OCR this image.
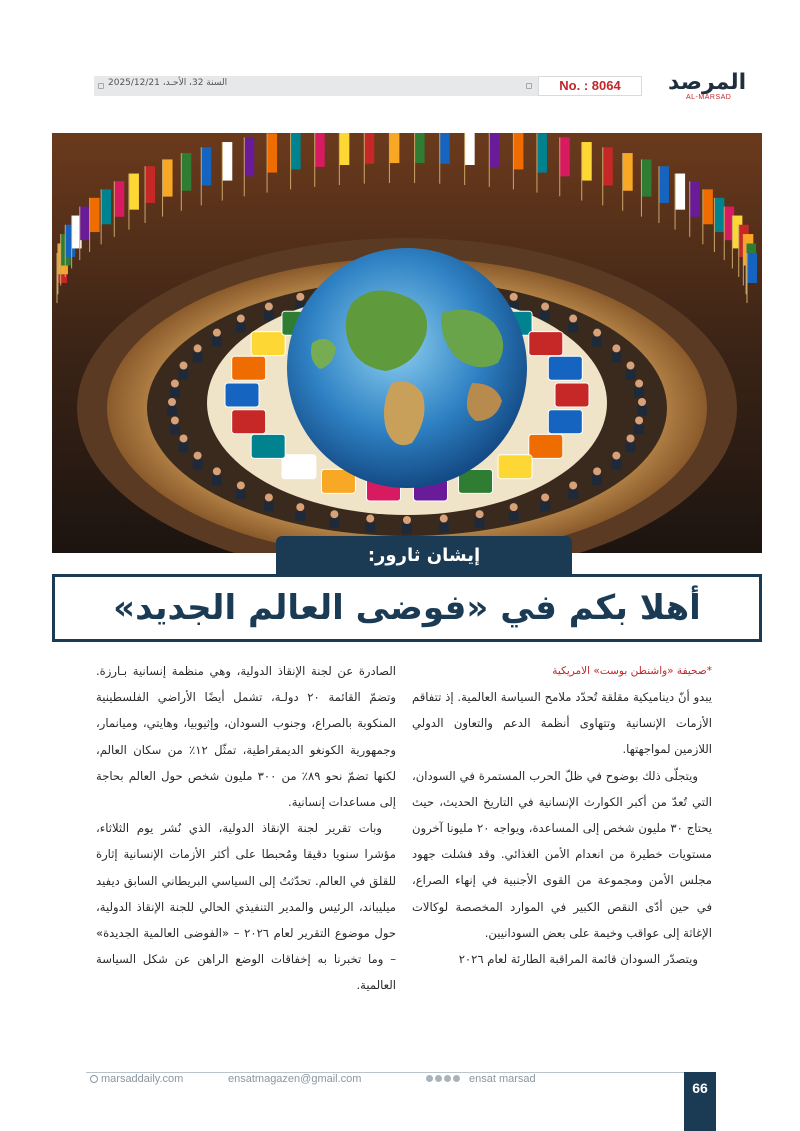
المرصد
AL-MARSAD
السنة 32، الأحـد، 2025/12/21	No. : 8064
إيشان ثارور:
أهلا بكم في «فوضى العالم الجديد»

*صحيفة «واشنطن بوست» الامريكية

يبدو أنّ ديناميكية مقلقة تُحدّد ملامح السياسة العالمية. إذ تتفاقم الأزمات الإنسانية وتتهاوى أنظمة الدعم والتعاون الدولي اللازمين لمواجهتها.

ويتجلّى ذلك بوضوح في ظلّ الحرب المستمرة في السودان، التي تُعدّ من أكبر الكوارث الإنسانية في التاريخ الحديث، حيث يحتاج ٣٠ مليون شخص إلى المساعدة، ويواجه ٢٠ مليونا آخرون مستويات خطيرة من انعدام الأمن الغذائي. وقد فشلت جهود مجلس الأمن ومجموعة من القوى الأجنبية في إنهاء الصراع، في حين أدّى النقص الكبير في الموارد المخصصة لوكالات الإغاثة إلى عواقب وخيمة على بعض السودانيين.

ويتصدّر السودان قائمة المراقبة الطارئة لعام ٢٠٢٦

الصادرة عن لجنة الإنقاذ الدولية، وهي منظمة إنسانية بـارزة. وتضمّ القائمة ٢٠ دولـة، تشمل أيضًا الأراضي الفلسطينية المنكوبة بالصراع، وجنوب السودان، وإثيوبيا، وهايتي، وميانمار، وجمهورية الكونغو الديمقراطية، تمثّل ١٢٪ من سكان العالم، لكنها تضمّ نحو ٨٩٪ من ٣٠٠ مليون شخص حول العالم بحاجة إلى مساعدات إنسانية.

وبات تقرير لجنة الإنقاذ الدولية، الذي نُشر يوم الثلاثاء، مؤشرا سنويا دقيقا ومُحبطا على أكثر الأزمات الإنسانية إثارة للقلق في العالم. تحدّثتُ إلى السياسي البريطاني السابق ديفيد ميليباند، الرئيس والمدير التنفيذي الحالي للجنة الإنقاذ الدولية، حول موضوع التقرير لعام ٢٠٢٦ – «الفوضى العالمية الجديدة» – وما تخبرنا به إخفاقات الوضع الراهن عن شكل السياسة العالمية.

marsaddaily.com	ensatmagazen@gmail.com	ensat marsad
66
